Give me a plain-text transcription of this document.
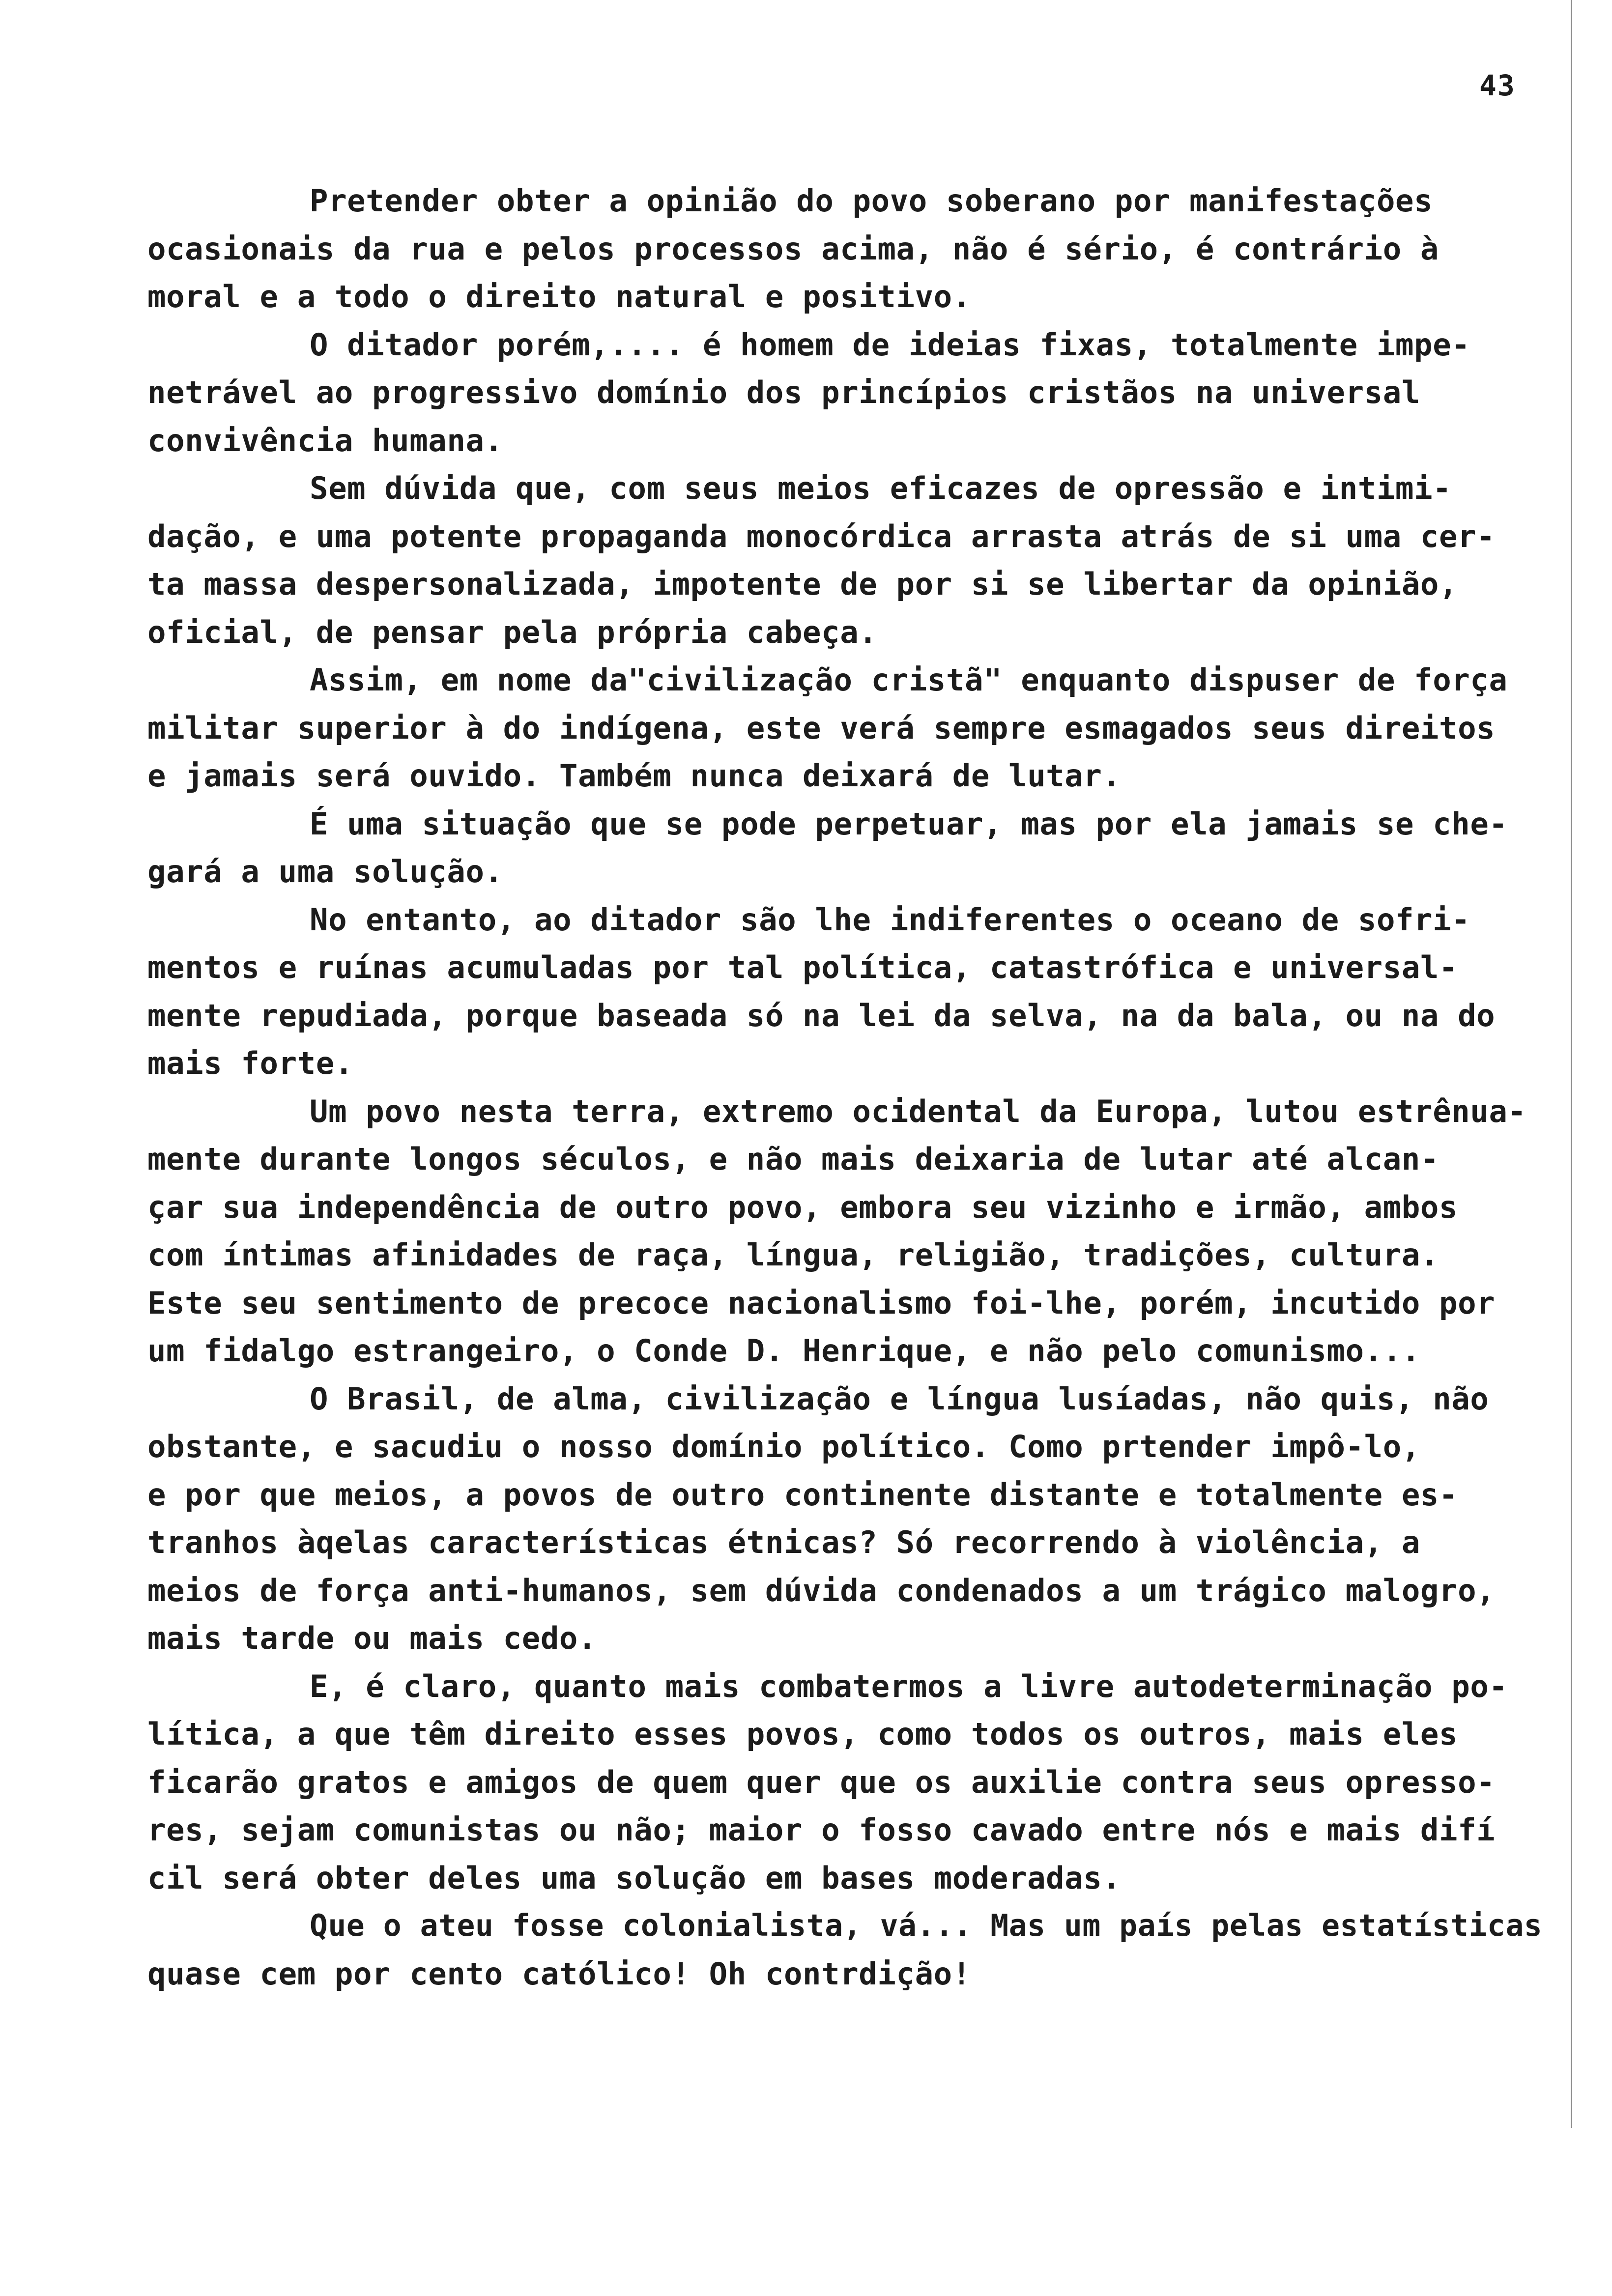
43
Pretender obter a opinião do povo soberano por manifestações
ocasionais da rua e pelos processos acima, não é sério, é contrário à
moral e a todo o direito natural e positivo.
O ditador porém,.... é homem de ideias fixas, totalmente impe-
netrável ao progressivo domínio dos princípios cristãos na universal
convivência humana.
Sem dúvida que, com seus meios eficazes de opressão e intimi-
dação, e uma potente propaganda monocórdica arrasta atrás de si uma cer-
ta massa despersonalizada, impotente de por si se libertar da opinião,
oficial, de pensar pela própria cabeça.
Assim, em nome da"civilização cristã" enquanto dispuser de força
militar superior à do indígena, este verá sempre esmagados seus direitos
e jamais será ouvido. Também nunca deixará de lutar.
É uma situação que se pode perpetuar, mas por ela jamais se che-
gará a uma solução.
No entanto, ao ditador são lhe indiferentes o oceano de sofri-
mentos e ruínas acumuladas por tal política, catastrófica e universal-
mente repudiada, porque baseada só na lei da selva, na da bala, ou na do
mais forte.
Um povo nesta terra, extremo ocidental da Europa, lutou estrênua-
mente durante longos séculos, e não mais deixaria de lutar até alcan-
çar sua independência de outro povo, embora seu vizinho e irmão, ambos
com íntimas afinidades de raça, língua, religião, tradições, cultura.
Este seu sentimento de precoce nacionalismo foi-lhe, porém, incutido por
um fidalgo estrangeiro, o Conde D. Henrique, e não pelo comunismo...
O Brasil, de alma, civilização e língua lusíadas, não quis, não
obstante, e sacudiu o nosso domínio político. Como prtender impô-lo,
e por que meios, a povos de outro continente distante e totalmente es-
tranhos àqelas características étnicas? Só recorrendo à violência, a
meios de força anti-humanos, sem dúvida condenados a um trágico malogro,
mais tarde ou mais cedo.
E, é claro, quanto mais combatermos a livre autodeterminação po-
lítica, a que têm direito esses povos, como todos os outros, mais eles
ficarão gratos e amigos de quem quer que os auxilie contra seus opresso-
res, sejam comunistas ou não; maior o fosso cavado entre nós e mais difí
cil será obter deles uma solução em bases moderadas.
Que o ateu fosse colonialista, vá... Mas um país pelas estatísticas
quase cem por cento católico! Oh contrdição!
